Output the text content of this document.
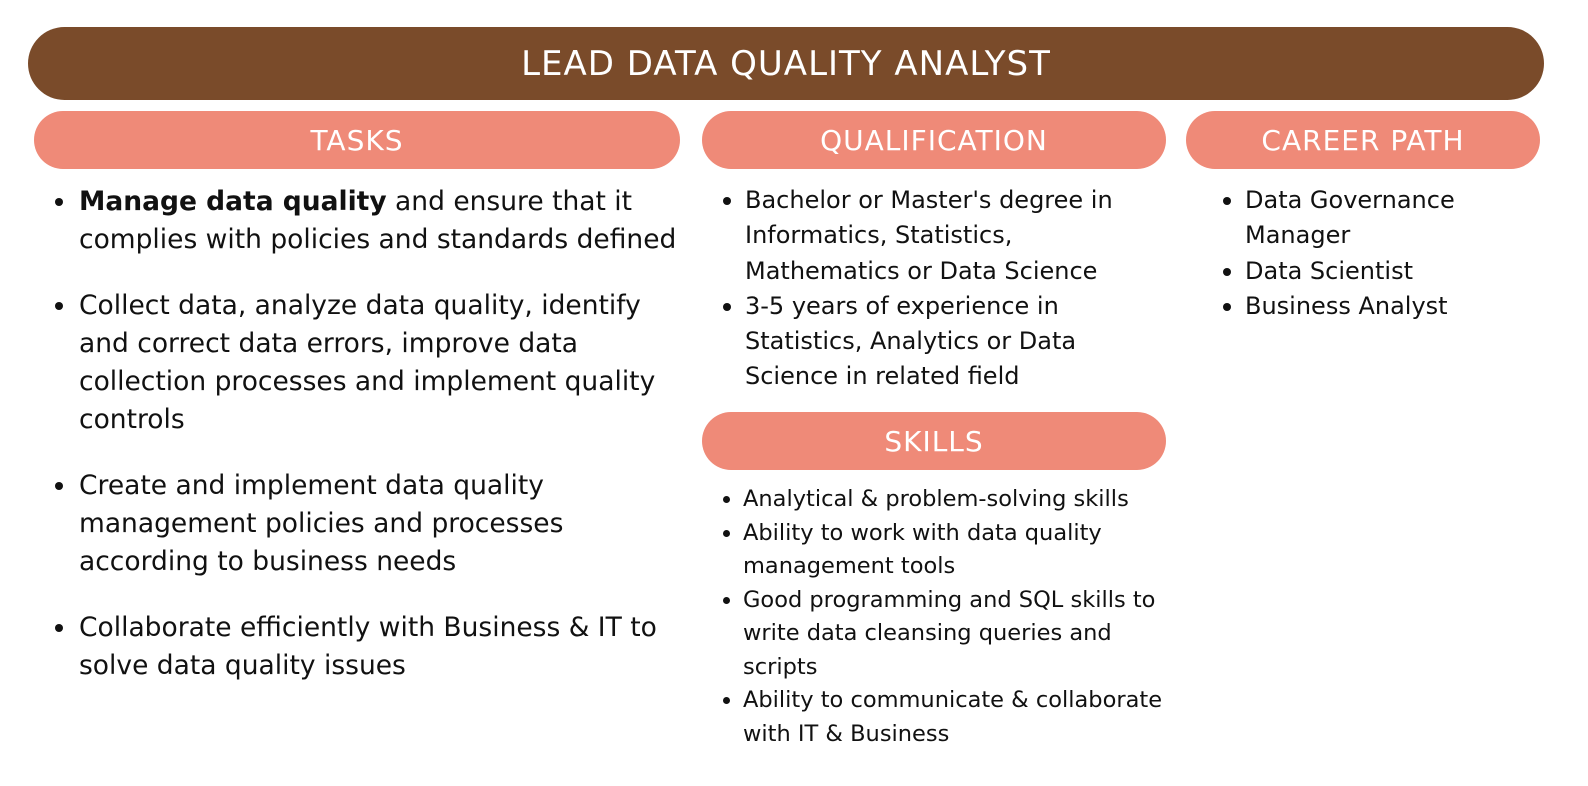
LEAD DATA QUALITY ANALYST
TASKS	QUALIFICATION	CAREER PATH
SKILLS
Manage data quality and ensure that it complies with policies and standards defined
Collect data, analyze data quality, identify and correct data errors, improve data collection processes and implement quality controls
Create and implement data quality management policies and processes according to business needs
Collaborate efficiently with Business & IT to solve data quality issues
Bachelor or Master's degree in Informatics, Statistics, Mathematics or Data Science
3-5 years of experience in Statistics, Analytics or Data Science in related field
Data Governance Manager
Data Scientist
Business Analyst
Analytical & problem-solving skills
Ability to work with data quality management tools
Good programming and SQL skills to write data cleansing queries and scripts
Ability to communicate & collaborate with IT & Business
